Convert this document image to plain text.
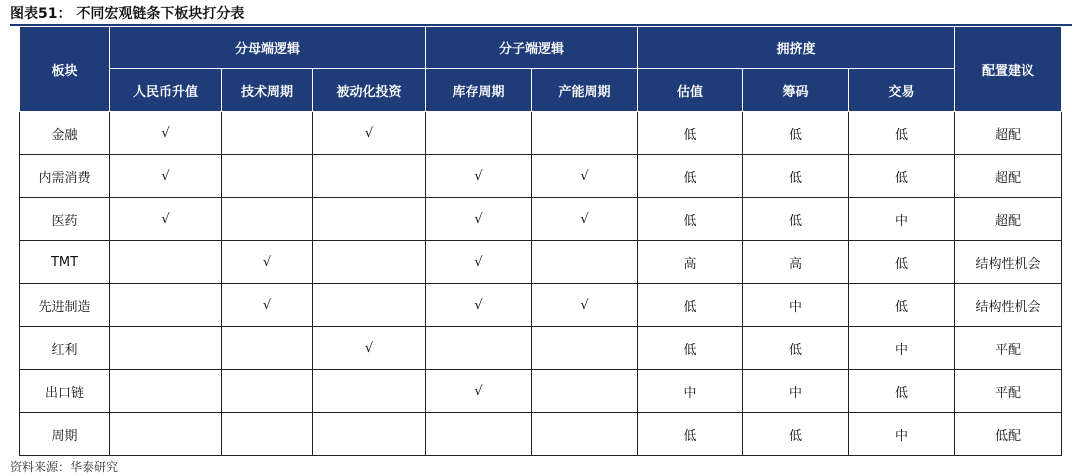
图表51： 不同宏观链条下板块打分表
板块	分母端逻辑			分子端逻辑		拥挤度			配置建议
	人民币升值	技术周期	被动化投资	库存周期	产能周期	估值	筹码	交易	
金融	√		√			低	低	低	超配
内需消费	√			√	√	低	低	低	超配
医药	√			√	√	低	低	中	超配
TMT		√		√		高	高	低	结构性机会
先进制造		√		√	√	低	中	低	结构性机会
红利			√			低	低	中	平配
出口链				√		中	中	低	平配
周期						低	低	中	低配
资料来源：华泰研究
